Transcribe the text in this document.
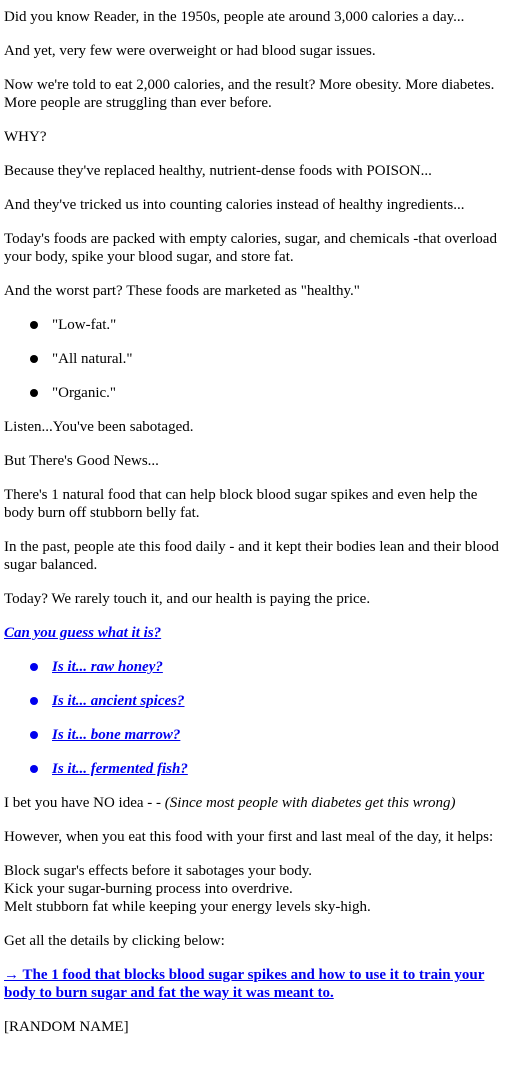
Did you know Reader, in the 1950s, people ate around 3,000 calories a day...

And yet, very few were overweight or had blood sugar issues.

Now we're told to eat 2,000 calories, and the result? More obesity. More diabetes. More people are struggling than ever before.

WHY?

Because they've replaced healthy, nutrient-dense foods with POISON...

And they've tricked us into counting calories instead of healthy ingredients...

Today's foods are packed with empty calories, sugar, and chemicals -that overload your body, spike your blood sugar, and store fat.

And the worst part? These foods are marketed as "healthy."

"Low-fat."
"All natural."
"Organic."

Listen...You've been sabotaged.

But There's Good News...

There's 1 natural food that can help block blood sugar spikes and even help the body burn off stubborn belly fat.

In the past, people ate this food daily - and it kept their bodies lean and their blood sugar balanced.

Today? We rarely touch it, and our health is paying the price.

Can you guess what it is?

Is it... raw honey?
Is it... ancient spices?
Is it... bone marrow?
Is it... fermented fish?

I bet you have NO idea - - (Since most people with diabetes get this wrong)

However, when you eat this food with your first and last meal of the day, it helps:

Block sugar's effects before it sabotages your body.
Kick your sugar-burning process into overdrive.
Melt stubborn fat while keeping your energy levels sky-high.

Get all the details by clicking below:

→ The 1 food that blocks blood sugar spikes and how to use it to train your body to burn sugar and fat the way it was meant to.

[RANDOM NAME]
